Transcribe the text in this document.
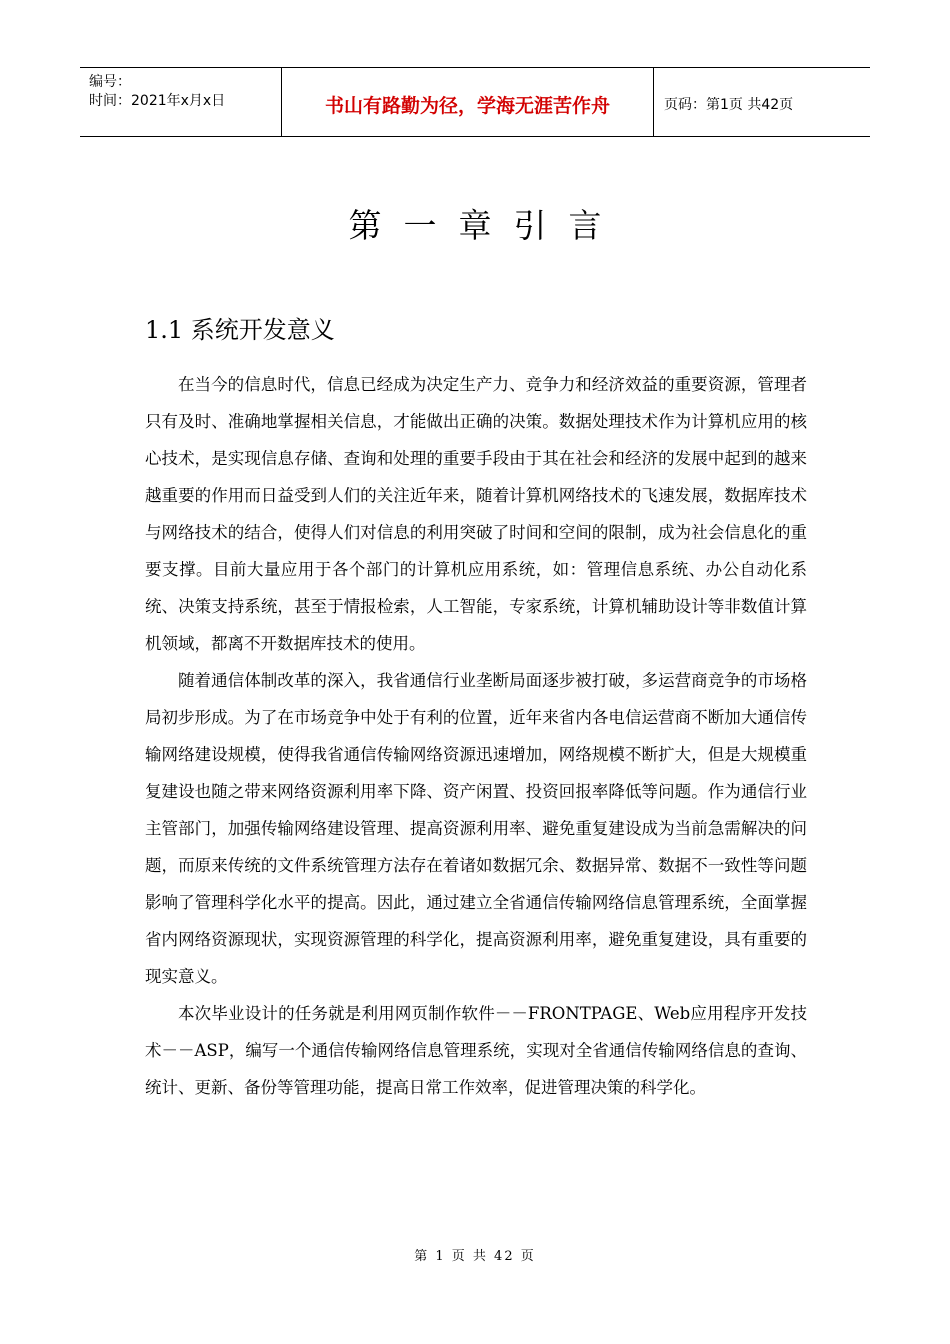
编号：
时间：2021年x月x日	书山有路勤为径，学海无涯苦作舟	页码：第1页 共42页
第一章引言
1.1 系统开发意义

在当今的信息时代，信息已经成为决定生产力、竞争力和经济效益的重要资源，管理者只有及时、准确地掌握相关信息，才能做出正确的决策。数据处理技术作为计算机应用的核心技术，是实现信息存储、查询和处理的重要手段由于其在社会和经济的发展中起到的越来越重要的作用而日益受到人们的关注近年来，随着计算机网络技术的飞速发展，数据库技术与网络技术的结合，使得人们对信息的利用突破了时间和空间的限制，成为社会信息化的重要支撑。目前大量应用于各个部门的计算机应用系统，如：管理信息系统、办公自动化系统、决策支持系统，甚至于情报检索，人工智能，专家系统，计算机辅助设计等非数值计算机领域，都离不开数据库技术的使用。

随着通信体制改革的深入，我省通信行业垄断局面逐步被打破，多运营商竞争的市场格局初步形成。为了在市场竞争中处于有利的位置，近年来省内各电信运营商不断加大通信传输网络建设规模，使得我省通信传输网络资源迅速增加，网络规模不断扩大，但是大规模重复建设也随之带来网络资源利用率下降、资产闲置、投资回报率降低等问题。作为通信行业主管部门，加强传输网络建设管理、提高资源利用率、避免重复建设成为当前急需解决的问题，而原来传统的文件系统管理方法存在着诸如数据冗余、数据异常、数据不一致性等问题影响了管理科学化水平的提高。因此，通过建立全省通信传输网络信息管理系统，全面掌握省内网络资源现状，实现资源管理的科学化，提高资源利用率，避免重复建设，具有重要的现实意义。

本次毕业设计的任务就是利用网页制作软件－－FRONTPAGE、Web应用程序开发技术－－ASP，编写一个通信传输网络信息管理系统，实现对全省通信传输网络信息的查询、统计、更新、备份等管理功能，提高日常工作效率，促进管理决策的科学化。

第 1 页 共 42 页
